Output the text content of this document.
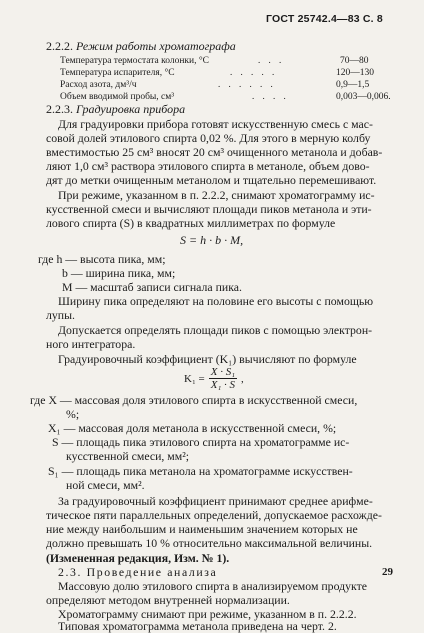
ГОСТ 25742.4—83 С. 8
2.2.2. Режим работы хроматографа
Температура термостата колонки, °С	. . .	70—80
Температура испарителя, °С	. . . . .	120—130
Расход азота, дм³/ч	. . . . . .	0,9—1,5
Объем вводимой пробы, см³	. . . .	0,003—0,006.
2.2.3. Градуировка прибора
Для градуировки прибора готовят искусственную смесь с мас-
совой долей этилового спирта 0,02 %. Для этого в мерную колбу
вместимостью 25 см³ вносят 20 см³ очищенного метанола и добав-
ляют 1,0 см³ раствора этилового спирта в метаноле, объем дово-
дят до метки очищенным метанолом и тщательно перемешивают.
При режиме, указанном в п. 2.2.2, снимают хроматограмму ис-
кусственной смеси и вычисляют площади пиков метанола и эти-
лового спирта (S) в квадратных миллиметрах по формуле
S = h · b · M,
где h — высота пика, мм;
b — ширина пика, мм;
M — масштаб записи сигнала пика.
Ширину пика определяют на половине его высоты с помощью
лупы.
Допускается определять площади пиков с помощью электрон-
ного интегратора.
Градуировочный коэффициент (K₁) вычисляют по формуле
$K_1 = \frac{\text{X · S₁}}{\text{X₁ · S}}$ ,
где X — массовая доля этилового спирта в искусственной смеси,
%;
X₁ — массовая доля метанола в искусственной смеси, %;
S — площадь пика этилового спирта на хроматограмме ис-
кусственной смеси, мм²;
S₁ — площадь пика метанола на хроматограмме искусствен-
ной смеси, мм².
За градуировочный коэффициент принимают среднее арифме-
тическое пяти параллельных определений, допускаемое расхожде-
ние между наибольшим и наименьшим значением которых не
должно превышать 10 % относительно максимальной величины.
(Измененная редакция, Изм. № 1).
2.3. Проведение анализа
Массовую долю этилового спирта в анализируемом продукте
определяют методом внутренней нормализации.
Хроматограмму снимают при режиме, указанном в п. 2.2.2.
Типовая хроматограмма метанола приведена на черт. 2.
29
